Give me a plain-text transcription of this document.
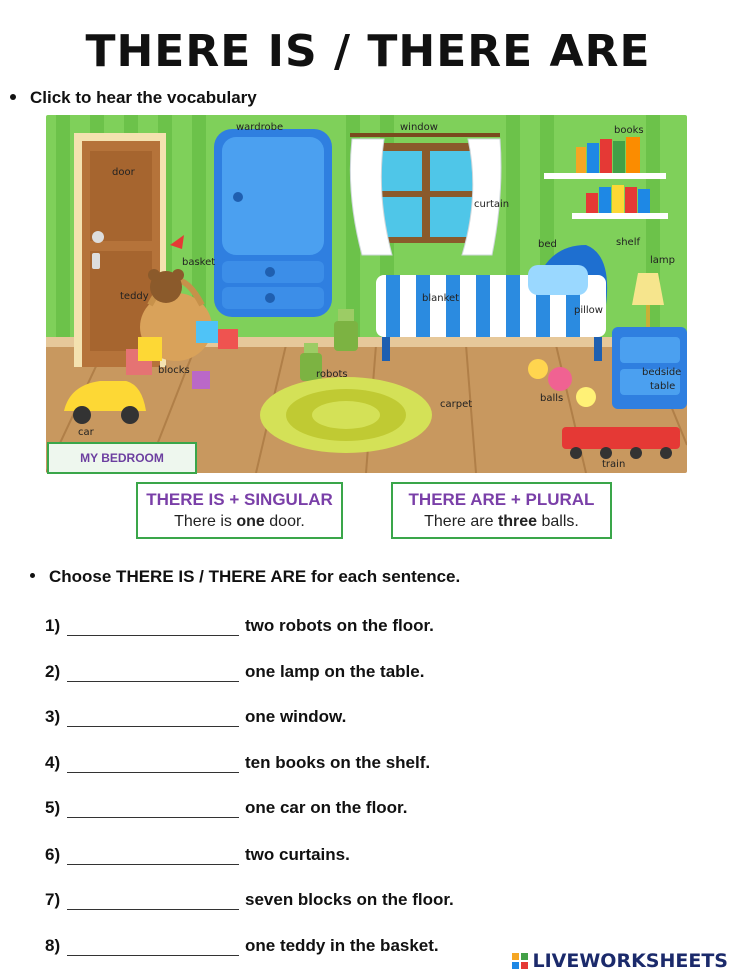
THERE IS / THERE ARE
Click to hear the vocabulary
wardrobe	window	books
door
curtain
bed	shelf
basket	lamp
teddy	blanket
pillow
robots
blocks	bedside
table
balls
carpet
car
train
MY BEDROOM
THERE IS + SINGULAR
There is one door.
THERE ARE + PLURAL
There are three balls.
Choose THERE IS / THERE ARE for each sentence.
1)	two robots on the floor.
2)	one lamp on the table.
3)	one window.
4)	ten books on the shelf.
5)	one car on the floor.
6)	two curtains.
7)	seven blocks on the floor.
8)	one teddy in the basket.
LIVEWORKSHEETS
